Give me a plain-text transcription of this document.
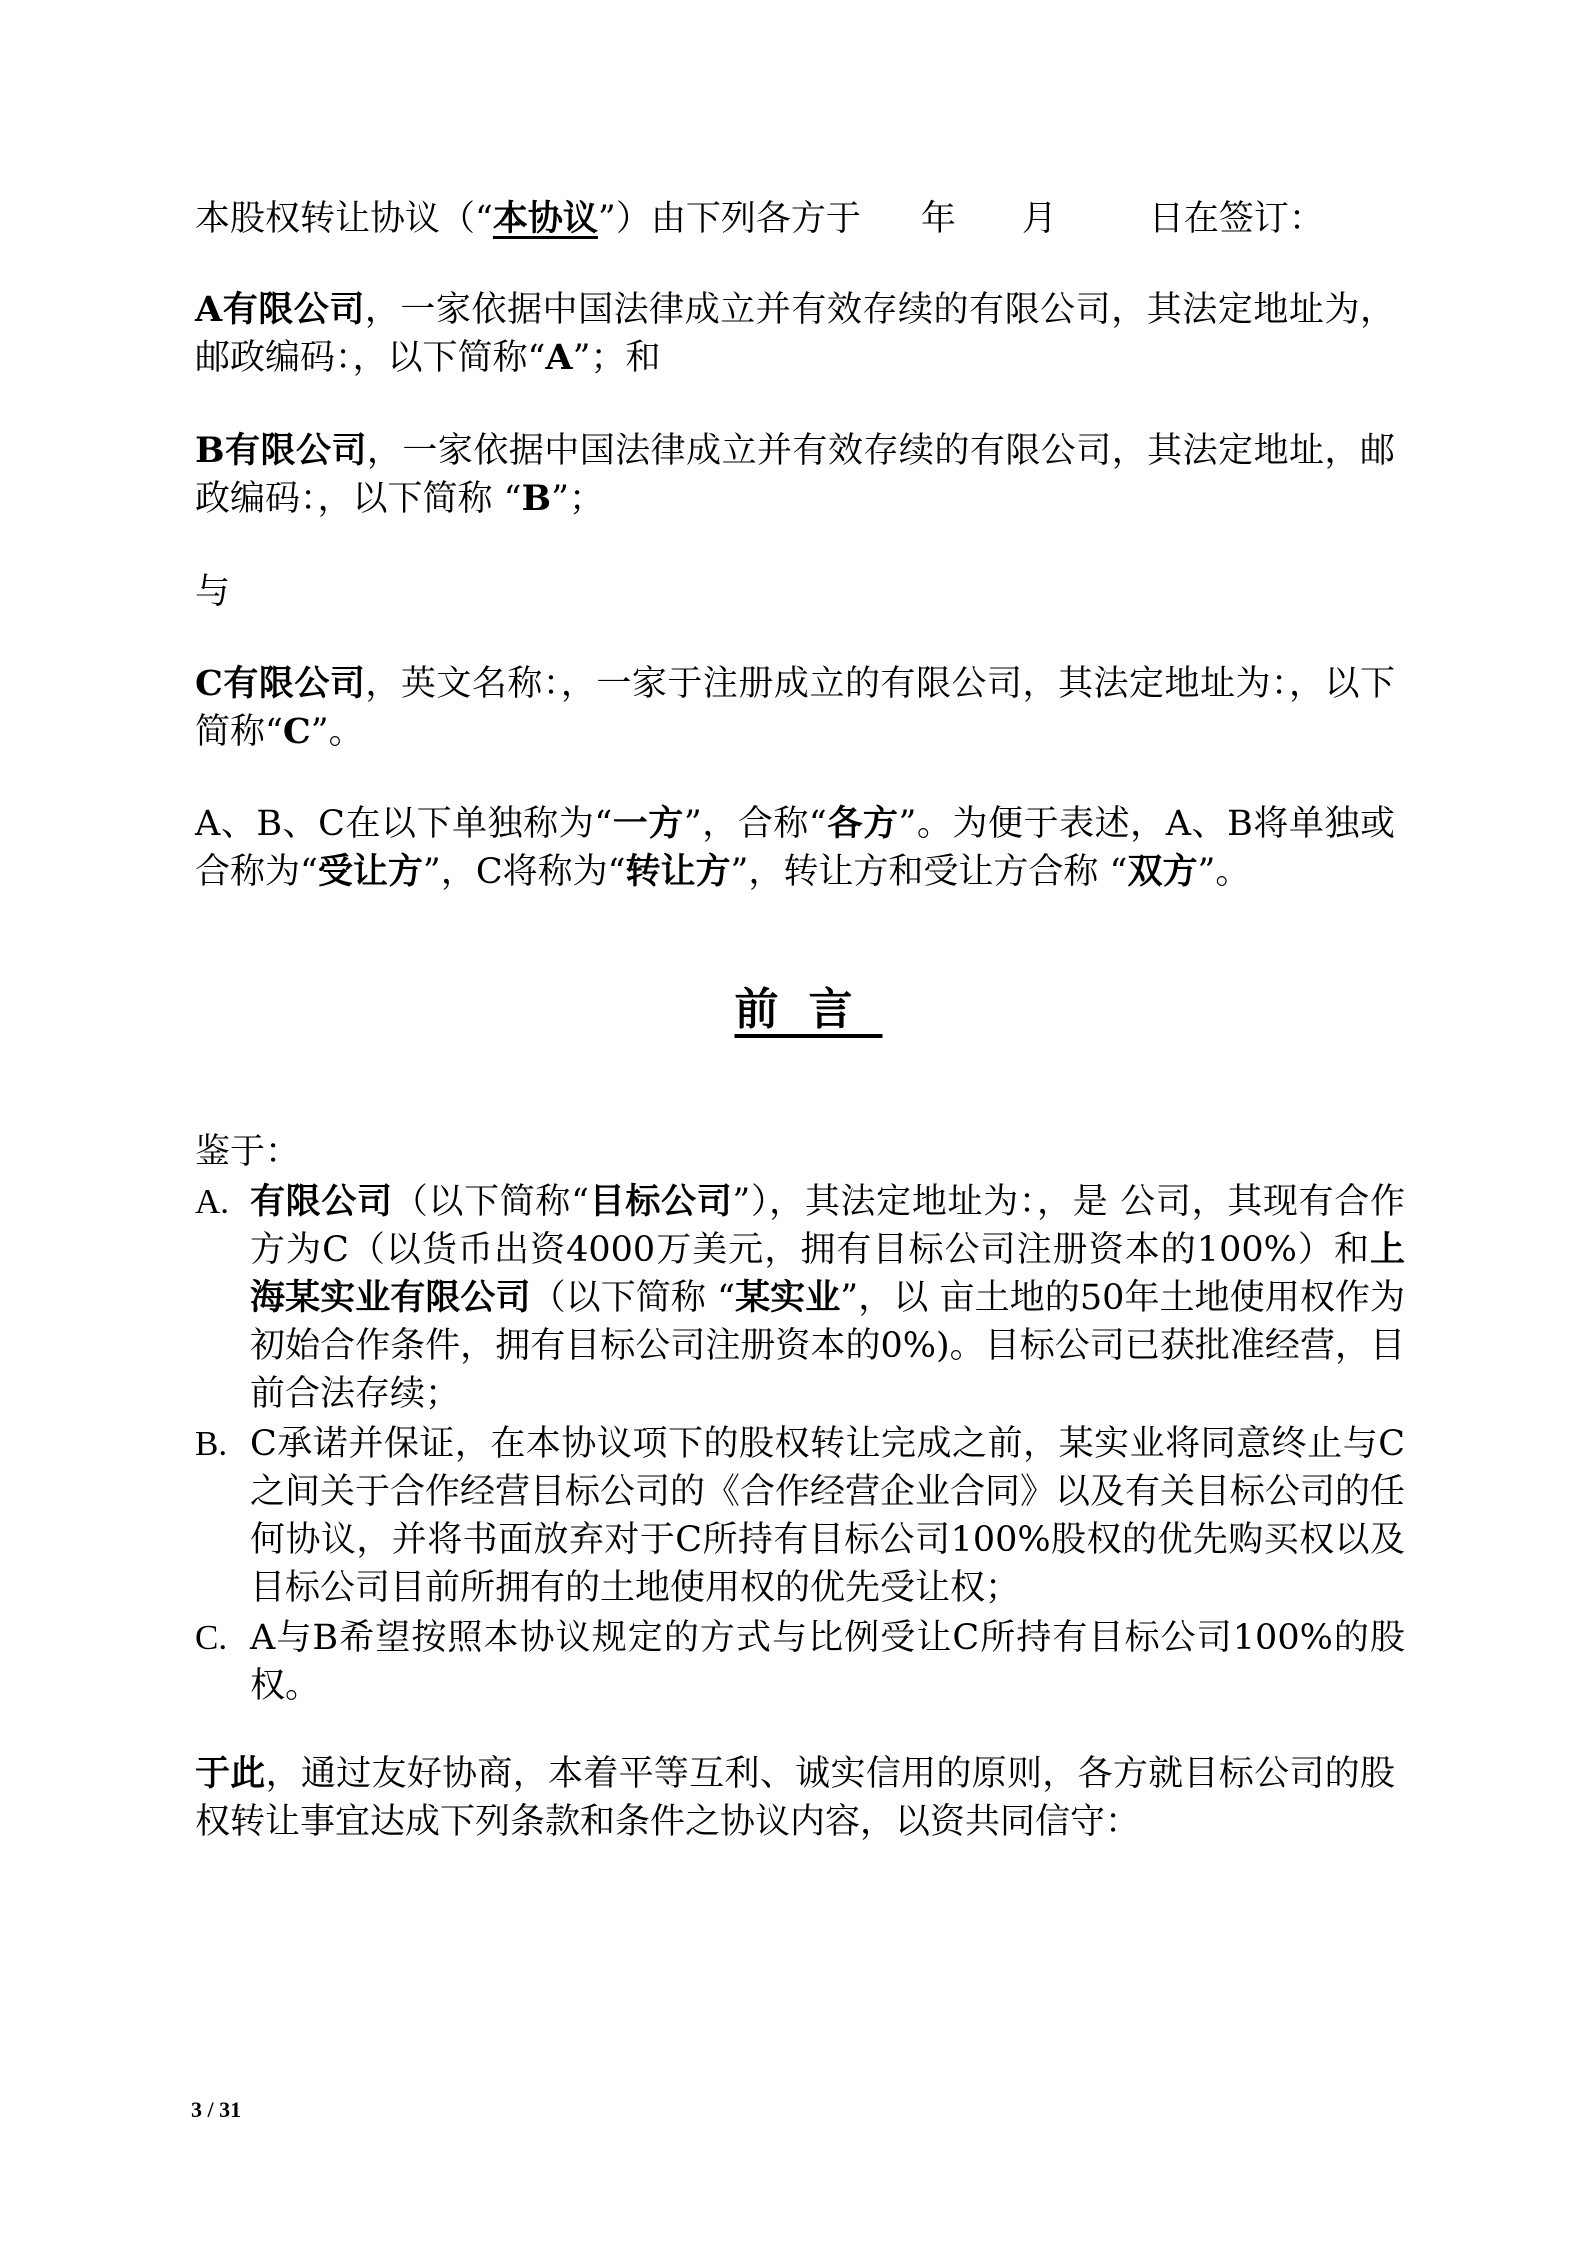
本股权转让协议（“本协议”）由下列各方于 年 月	日在签订：

A有限公司，一家依据中国法律成立并有效存续的有限公司，其法定地址为，邮政编码：，以下简称“A”；和

B有限公司，一家依据中国法律成立并有效存续的有限公司，其法定地址，邮政编码：，以下简称 “B”；

与

C有限公司，英文名称：，一家于注册成立的有限公司，其法定地址为：，以下简称“C”。

A、B、C在以下单独称为“一方”，合称“各方”。为便于表述，A、B将单独或合称为“受让方”，C将称为“转让方”，转让方和受让方合称 “双方”。

前言

鉴于：

A. 有限公司（以下简称“目标公司”），其法定地址为：，是 公司，其现有合作方为C（以货币出资4000万美元，拥有目标公司注册资本的100%）和上海某实业有限公司（以下简称 “某实业”，以 亩土地的50年土地使用权作为初始合作条件，拥有目标公司注册资本的0%)。目标公司已获批准经营，目前合法存续；
B. C承诺并保证，在本协议项下的股权转让完成之前，某实业将同意终止与C之间关于合作经营目标公司的《合作经营企业合同》以及有关目标公司的任何协议，并将书面放弃对于C所持有目标公司100%股权的优先购买权以及目标公司目前所拥有的土地使用权的优先受让权；
C. A与B希望按照本协议规定的方式与比例受让C所持有目标公司100%的股权。

于此，通过友好协商，本着平等互利、诚实信用的原则，各方就目标公司的股权转让事宜达成下列条款和条件之协议内容，以资共同信守：

3 / 31
